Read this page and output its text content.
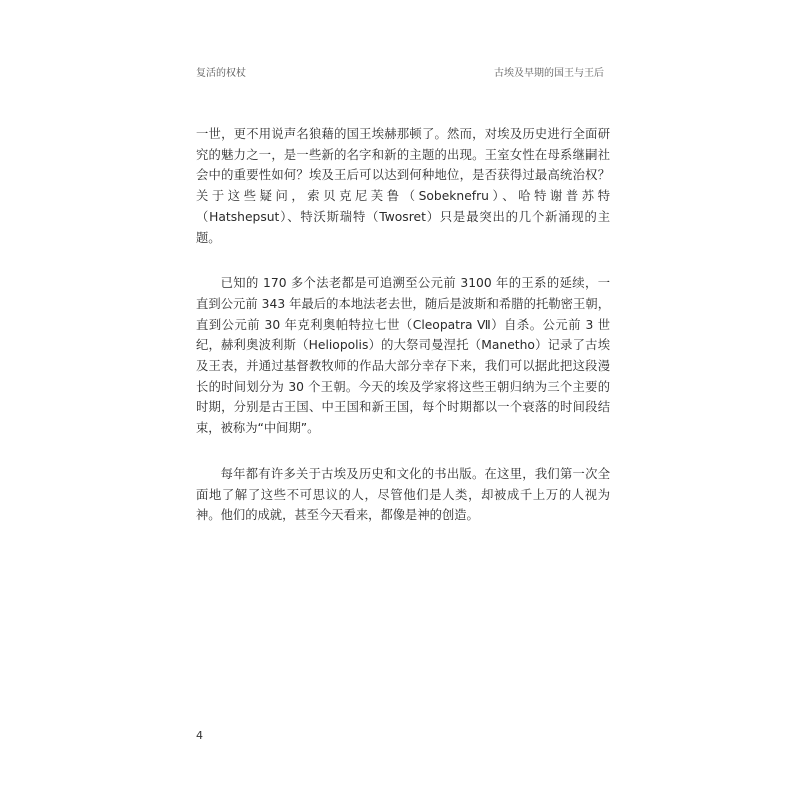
复活的权杖	古埃及早期的国王与王后

一世，更不用说声名狼藉的国王埃赫那顿了。然而，对埃及历史进行全面研究的魅力之一，是一些新的名字和新的主题的出现。王室女性在母系继嗣社会中的重要性如何？埃及王后可以达到何种地位，是否获得过最高统治权？关于这些疑问，索贝克尼芙鲁（Sobeknefru）、哈特谢普苏特（Hatshepsut）、特沃斯瑞特（Twosret）只是最突出的几个新涌现的主题。

已知的 170 多个法老都是可追溯至公元前 3100 年的王系的延续，一直到公元前 343 年最后的本地法老去世，随后是波斯和希腊的托勒密王朝，直到公元前 30 年克利奥帕特拉七世（Cleopatra Ⅶ）自杀。公元前 3 世纪，赫利奥波利斯（Heliopolis）的大祭司曼涅托（Manetho）记录了古埃及王表，并通过基督教牧师的作品大部分幸存下来，我们可以据此把这段漫长的时间划分为 30 个王朝。今天的埃及学家将这些王朝归纳为三个主要的时期，分别是古王国、中王国和新王国，每个时期都以一个衰落的时间段结束，被称为“中间期”。

每年都有许多关于古埃及历史和文化的书出版。在这里，我们第一次全面地了解了这些不可思议的人，尽管他们是人类，却被成千上万的人视为神。他们的成就，甚至今天看来，都像是神的创造。

4
